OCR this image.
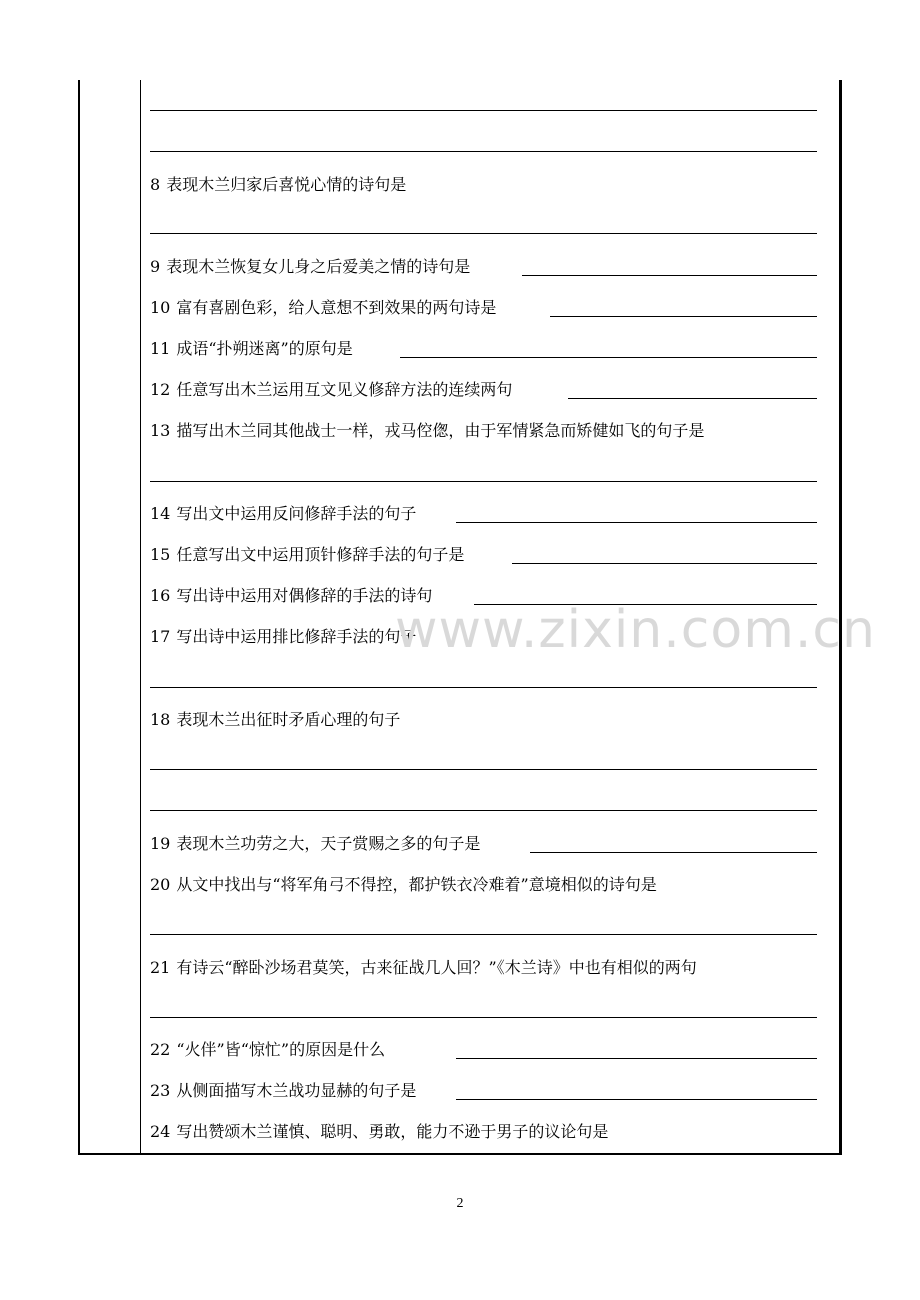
8 表现木兰归家后喜悦心情的诗句是
9 表现木兰恢复女儿身之后爱美之情的诗句是
10 富有喜剧色彩，给人意想不到效果的两句诗是
11 成语“扑朔迷离”的原句是
12 任意写出木兰运用互文见义修辞方法的连续两句
13 描写出木兰同其他战士一样，戎马倥偬，由于军情紧急而矫健如飞的句子是
14 写出文中运用反问修辞手法的句子
15 任意写出文中运用顶针修辞手法的句子是
16 写出诗中运用对偶修辞的手法的诗句
17 写出诗中运用排比修辞手法的句子
18 表现木兰出征时矛盾心理的句子
19 表现木兰功劳之大，天子赏赐之多的句子是
20 从文中找出与“将军角弓不得控，都护铁衣冷难着”意境相似的诗句是
21 有诗云“醉卧沙场君莫笑，古来征战几人回？”《木兰诗》中也有相似的两句
22 “火伴”皆“惊忙”的原因是什么
23 从侧面描写木兰战功显赫的句子是
24 写出赞颂木兰谨慎、聪明、勇敢，能力不逊于男子的议论句是
www.zixin.com.cn
2
